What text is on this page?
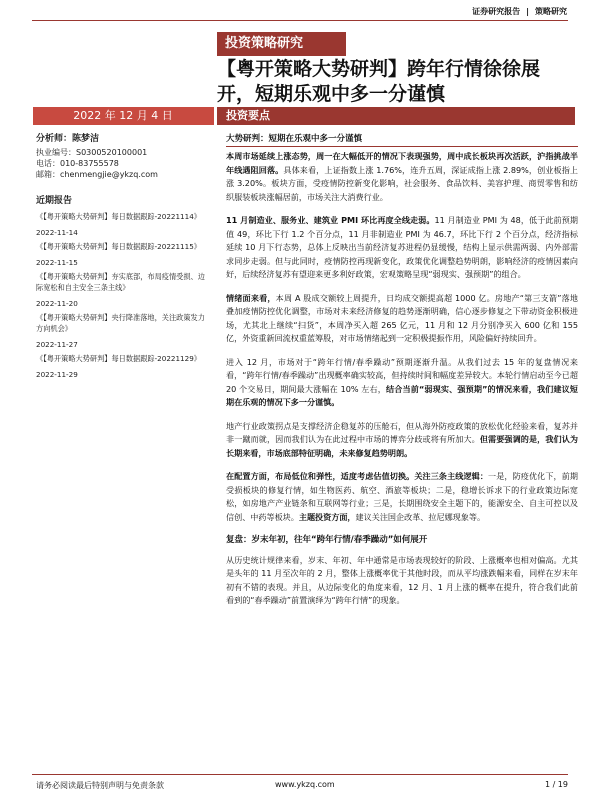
证券研究报告 | 策略研究
投资策略研究
【粤开策略大势研判】跨年行情徐徐展开，短期乐观中多一分谨慎
2022 年 12 月 4 日	投资要点
分析师：陈梦洁
执业编号：S0300520100001
电话：010-83755578
邮箱：chenmengjie@ykzq.com
近期报告
《【粤开策略大势研判】每日数据跟踪-20221114》
2022-11-14
《【粤开策略大势研判】每日数据跟踪-20221115》
2022-11-15
《【粤开策略大势研判】夯实底部，布局疫情受损、边际宽松和自主安全三条主线》
2022-11-20
《【粤开策略大势研判】央行降准落地，关注政策发力方向机会》
2022-11-27
《【粤开策略大势研判】每日数据跟踪-20221129》
2022-11-29
大势研判：短期在乐观中多一分谨慎

本周市场延续上涨态势，周一在大幅低开的情况下表现强势，周中成长板块再次活跃，沪指挑战半年线遇阻回落。具体来看，上证指数上涨 1.76%，连升五周，深证成指上涨 2.89%，创业板指上涨 3.20%。板块方面，受疫情防控新变化影响，社会服务、食品饮料、美容护理、商贸零售和纺织服装板块涨幅居前，市场关注大消费行业。

11 月制造业、服务业、建筑业 PMI 环比再度全线走弱。11 月制造业 PMI 为 48，低于此前预期值 49，环比下行 1.2 个百分点，11 月非制造业 PMI 为 46.7，环比下行 2 个百分点，经济指标延续 10 月下行态势，总体上反映出当前经济复苏进程仍显缓慢，结构上显示供需两弱、内外部需求同步走弱。但与此同时，疫情防控再现新变化，政策优化调整趋势明朗，影响经济的疫情因素向好，后续经济复苏有望迎来更多利好政策，宏观策略呈现“弱现实、强预期”的组合。

情绪面来看，本周 A 股成交额较上周提升，日均成交额提高超 1000 亿。房地产“第三支箭”落地叠加疫情防控优化调整，市场对未来经济修复的趋势逐渐明确，信心逐步修复之下带动资金积极进场，尤其北上继续“扫货”，本周净买入超 265 亿元，11 月和 12 月分别净买入 600 亿和 155 亿，外资重新回流权重蓝筹股，对市场情绪起到一定积极提振作用，风险偏好持续回升。

进入 12 月，市场对于“跨年行情/春季躁动”预期逐渐升温。从我们过去 15 年的复盘情况来看，“跨年行情/春季躁动”出现概率确实较高，但持续时间和幅度差异较大。本轮行情启动至今已超 20 个交易日，期间最大涨幅在 10% 左右，结合当前“弱现实、强预期”的情况来看，我们建议短期在乐观的情况下多一分谨慎。

地产行业政策拐点是支撑经济企稳复苏的压舱石，但从海外防疫政策的放松优化经验来看，复苏并非一蹴而就，因而我们认为在此过程中市场的博弈分歧或将有所加大。但需要强调的是，我们认为长期来看，市场底部特征明确，未来修复趋势明朗。

在配置方面，布局低位和弹性，适度考虑估值切换。关注三条主线逻辑：一是，防疫优化下，前期受损板块的修复行情，如生物医药、航空、酒旅等板块；二是，稳增长诉求下的行业政策边际宽松，如房地产产业链条和互联网等行业；三是，长期围绕安全主题下的，能源安全、自主可控以及信创、中药等板块。主题投资方面，建议关注国企改革、拉尼娜现象等。

复盘：岁末年初，往年“跨年行情/春季躁动”如何展开

从历史统计规律来看，岁末、年初、年中通常是市场表现较好的阶段、上涨概率也相对偏高。尤其是头年的 11 月至次年的 2 月，整体上涨概率优于其他时段，而从平均涨跌幅来看，同样在岁末年初有不错的表现。并且，从边际变化的角度来看，12 月、1 月上涨的概率在提升，符合我们此前看到的“春季躁动”前置演绎为“跨年行情”的现象。

请务必阅读最后特别声明与免责条款	www.ykzq.com	1 / 19
